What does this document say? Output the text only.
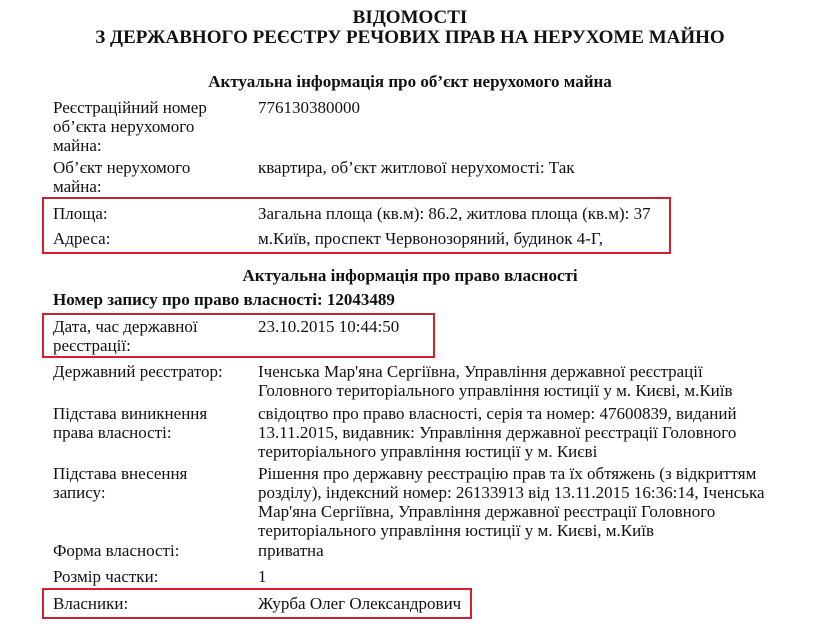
ВІДОМОСТІ
З ДЕРЖАВНОГО РЕЄСТРУ РЕЧОВИХ ПРАВ НА НЕРУХОМЕ МАЙНО
Актуальна інформація про об’єкт нерухомого майна
Реєстраційний номер
об’єкта нерухомого
майна:
776130380000
Об’єкт нерухомого
майна:
квартира, об’єкт житлової нерухомості: Так
Площа:	Загальна площа (кв.м): 86.2, житлова площа (кв.м): 37
Адреса:	м.Київ, проспект Червонозоряний, будинок 4-Г,
Актуальна інформація про право власності
Номер запису про право власності: 12043489
Дата, час державної
реєстрації:
23.10.2015 10:44:50
Державний реєстратор:	Іченська Мар'яна Сергіївна, Управління державної реєстрації
Головного територіального управління юстиції у м. Києві, м.Київ
Підстава виникнення
права власності:
свідоцтво про право власності, серія та номер: 47600839, виданий
13.11.2015, видавник: Управління державної реєстрації Головного
територіального управління юстиції у м. Києві
Підстава внесення
запису:
Рішення про державну реєстрацію прав та їх обтяжень (з відкриттям
розділу), індексний номер: 26133913 від 13.11.2015 16:36:14, Іченська
Мар'яна Сергіївна, Управління державної реєстрації Головного
територіального управління юстиції у м. Києві, м.Київ
Форма власності:	приватна
Розмір частки:	1
Власники:	Журба Олег Олександрович
